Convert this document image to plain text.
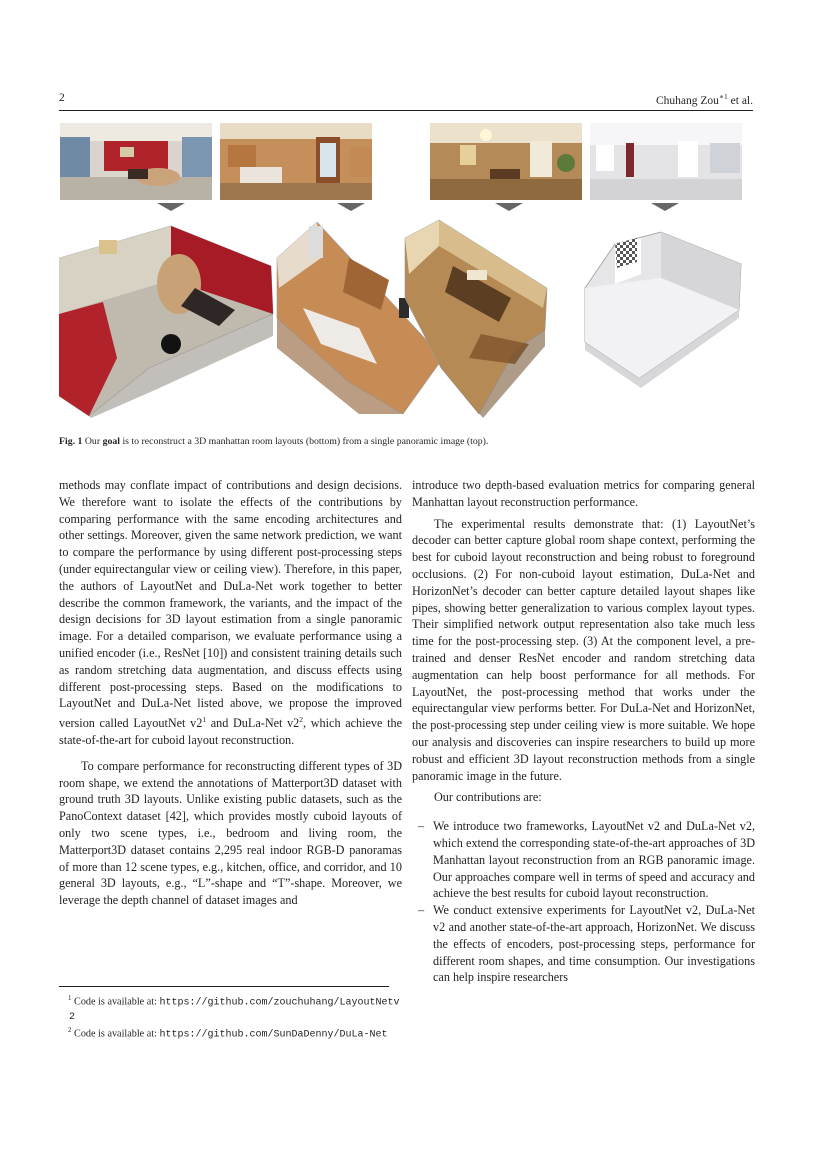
2	Chuhang Zou$^{∗1}$ et al.
Fig. 1 Our goal is to reconstruct a 3D manhattan room layouts (bottom) from a single panoramic image (top).

methods may conflate impact of contributions and design decisions. We therefore want to isolate the effects of the contributions by comparing performance with the same encoding architectures and other settings. Moreover, given the same network prediction, we want to compare the performance by using different post-processing steps (under equirectangular view or ceiling view). Therefore, in this paper, the authors of LayoutNet and DuLa-Net work together to better describe the common framework, the variants, and the impact of the design decisions for 3D layout estimation from a single panoramic image. For a detailed comparison, we evaluate performance using a unified encoder (i.e., ResNet [10]) and consistent training details such as random stretching data augmentation, and discuss effects using different post-processing steps. Based on the modifications to LayoutNet and DuLa-Net listed above, we propose the improved version called LayoutNet $v2^1$ and DuLa-Net $v2^2$, which achieve the state-of-the-art for cuboid layout reconstruction.

To compare performance for reconstructing different types of 3D room shape, we extend the annotations of Matterport3D dataset with ground truth 3D layouts. Unlike existing public datasets, such as the PanoContext dataset [42], which provides mostly cuboid layouts of only two scene types, i.e., bedroom and living room, the Matterport3D dataset contains 2,295 real indoor RGB-D panoramas of more than 12 scene types, e.g., kitchen, office, and corridor, and 10 general 3D layouts, e.g., “L”-shape and “T”-shape. Moreover, we leverage the depth channel of dataset images and

introduce two depth-based evaluation metrics for comparing general Manhattan layout reconstruction performance.

The experimental results demonstrate that: (1) LayoutNet’s decoder can better capture global room shape context, performing the best for cuboid layout reconstruction and being robust to foreground occlusions. (2) For non-cuboid layout estimation, DuLa-Net and HorizonNet’s decoder can better capture detailed layout shapes like pipes, showing better generalization to various complex layout types. Their simplified network output representation also take much less time for the post-processing step. (3) At the component level, a pre-trained and denser ResNet encoder and random stretching data augmentation can help boost performance for all methods. For LayoutNet, the post-processing method that works under the equirectangular view performs better. For DuLa-Net and HorizonNet, the post-processing step under ceiling view is more suitable. We hope our analysis and discoveries can inspire researchers to build up more robust and efficient 3D layout reconstruction methods from a single panoramic image in the future.

Our contributions are:

– We introduce two frameworks, LayoutNet v2 and DuLa-Net v2, which extend the corresponding state-of-the-art approaches of 3D Manhattan layout reconstruction from an RGB panoramic image. Our approaches compare well in terms of speed and accuracy and achieve the best results for cuboid layout reconstruction.
– We conduct extensive experiments for LayoutNet v2, DuLa-Net v2 and another state-of-the-art approach, HorizonNet. We discuss the effects of encoders, post-processing steps, performance for different room shapes, and time consumption. Our investigations can help inspire researchers

$^1$ Code is available at: https://github.com/zouchuhang/LayoutNetv2

$^2$ Code is available at: https://github.com/SunDaDenny/DuLa-Net
